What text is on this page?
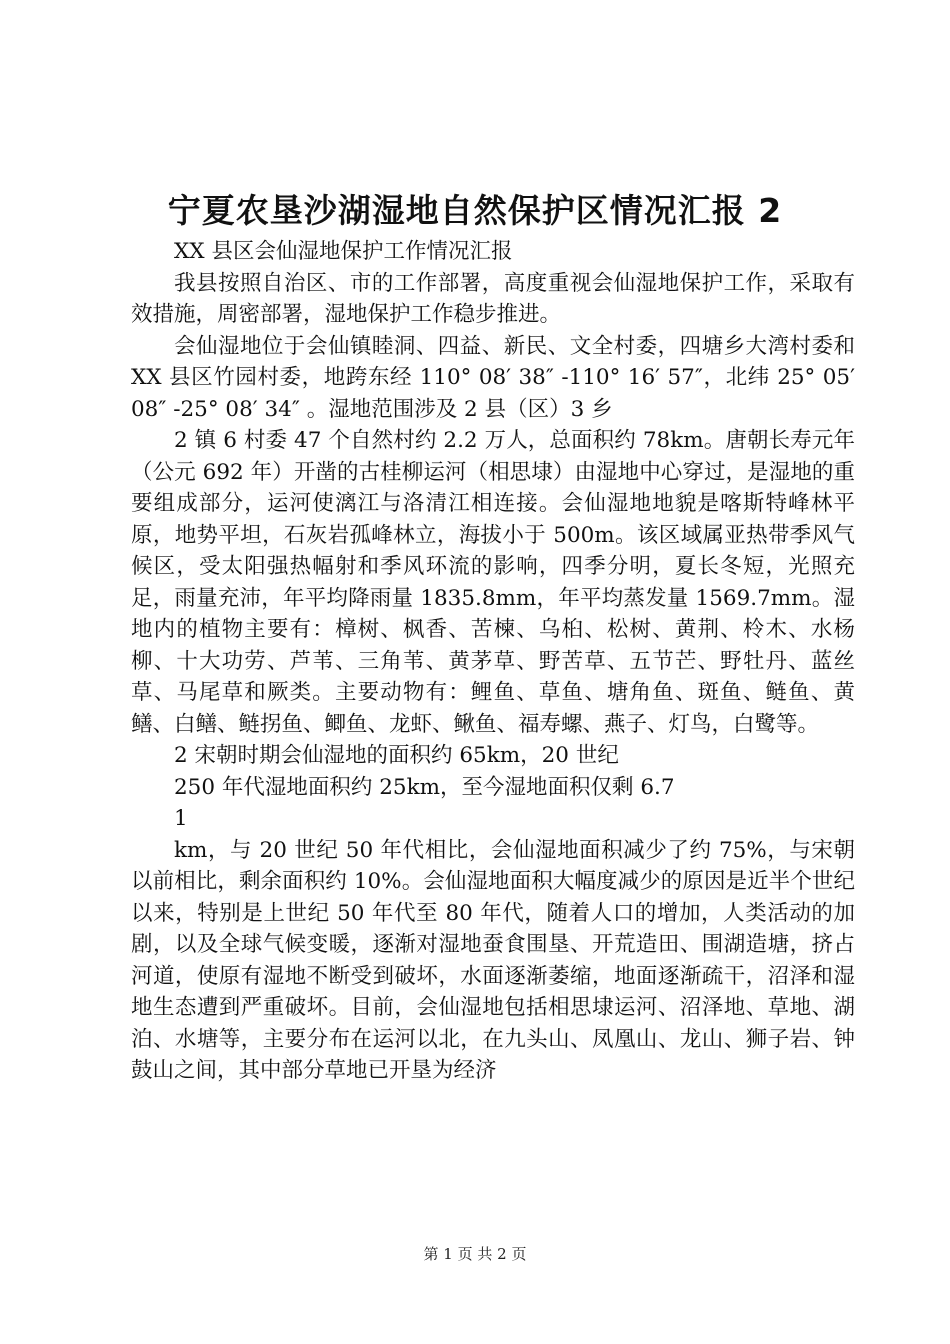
宁夏农垦沙湖湿地自然保护区情况汇报 2

XX 县区会仙湿地保护工作情况汇报

我县按照自治区、市的工作部署，高度重视会仙湿地保护工作，采取有效措施，周密部署，湿地保护工作稳步推进。

会仙湿地位于会仙镇睦洞、四益、新民、文全村委，四塘乡大湾村委和 XX 县区竹园村委，地跨东经 110° 08′ 38″ -110° 16′ 57″，北纬 25° 05′ 08″ -25° 08′ 34″ 。湿地范围涉及 2 县（区）3 乡

2 镇 6 村委 47 个自然村约 2.2 万人，总面积约 78km。唐朝长寿元年（公元 692 年）开凿的古桂柳运河（相思埭）由湿地中心穿过，是湿地的重要组成部分，运河使漓江与洛清江相连接。会仙湿地地貌是喀斯特峰林平原，地势平坦，石灰岩孤峰林立，海拔小于 500m。该区域属亚热带季风气候区，受太阳强热幅射和季风环流的影响，四季分明，夏长冬短，光照充足，雨量充沛，年平均降雨量 1835.8mm，年平均蒸发量 1569.7mm。湿地内的植物主要有：樟树、枫香、苦楝、乌桕、松树、黄荆、柃木、水杨柳、十大功劳、芦苇、三角苇、黄茅草、野苦草、五节芒、野牡丹、蓝丝草、马尾草和厥类。主要动物有：鲤鱼、草鱼、塘角鱼、斑鱼、鲢鱼、黄鳝、白鳝、鲢拐鱼、鲫鱼、龙虾、鳅鱼、福寿螺、燕子、灯鸟，白鹭等。

2 宋朝时期会仙湿地的面积约 65km，20 世纪

250 年代湿地面积约 25km，至今湿地面积仅剩 6.7

1

km，与 20 世纪 50 年代相比，会仙湿地面积减少了约 75%，与宋朝以前相比，剩余面积约 10%。会仙湿地面积大幅度减少的原因是近半个世纪以来，特别是上世纪 50 年代至 80 年代，随着人口的增加，人类活动的加剧，以及全球气候变暖，逐渐对湿地蚕食围垦、开荒造田、围湖造塘，挤占河道，使原有湿地不断受到破坏，水面逐渐萎缩，地面逐渐疏干，沼泽和湿地生态遭到严重破坏。目前，会仙湿地包括相思埭运河、沼泽地、草地、湖泊、水塘等，主要分布在运河以北，在九头山、凤凰山、龙山、狮子岩、钟鼓山之间，其中部分草地已开垦为经济

第 1 页 共 2 页
